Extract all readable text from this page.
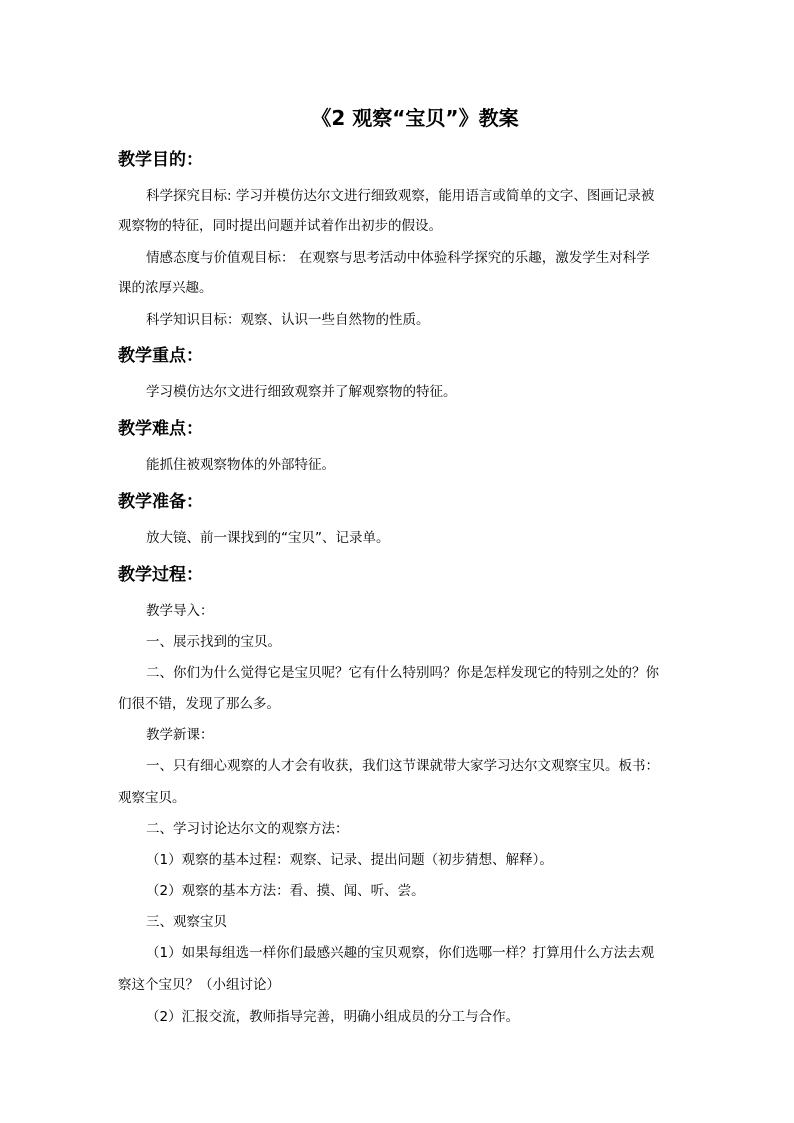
《2 观察“宝贝”》教案
教学目的：
科学探究目标: 学习并模仿达尔文进行细致观察，能用语言或简单的文字、图画记录被
观察物的特征，同时提出问题并试着作出初步的假设。
情感态度与价值观目标： 在观察与思考活动中体验科学探究的乐趣，激发学生对科学
课的浓厚兴趣。
科学知识目标：观察、认识一些自然物的性质。
教学重点：
学习模仿达尔文进行细致观察并了解观察物的特征。
教学难点：
能抓住被观察物体的外部特征。
教学准备：
放大镜、前一课找到的“宝贝”、记录单。
教学过程：
教学导入：
一、展示找到的宝贝。
二、你们为什么觉得它是宝贝呢？它有什么特别吗？你是怎样发现它的特别之处的？你
们很不错，发现了那么多。
教学新课：
一、只有细心观察的人才会有收获，我们这节课就带大家学习达尔文观察宝贝。板书：
观察宝贝。
二、学习讨论达尔文的观察方法：
（1）观察的基本过程：观察、记录、提出问题（初步猜想、解释）。
（2）观察的基本方法：看、摸、闻、听、尝。
三、观察宝贝
（1）如果每组选一样你们最感兴趣的宝贝观察，你们选哪一样？打算用什么方法去观
察这个宝贝？（小组讨论）
（2）汇报交流，教师指导完善，明确小组成员的分工与合作。
